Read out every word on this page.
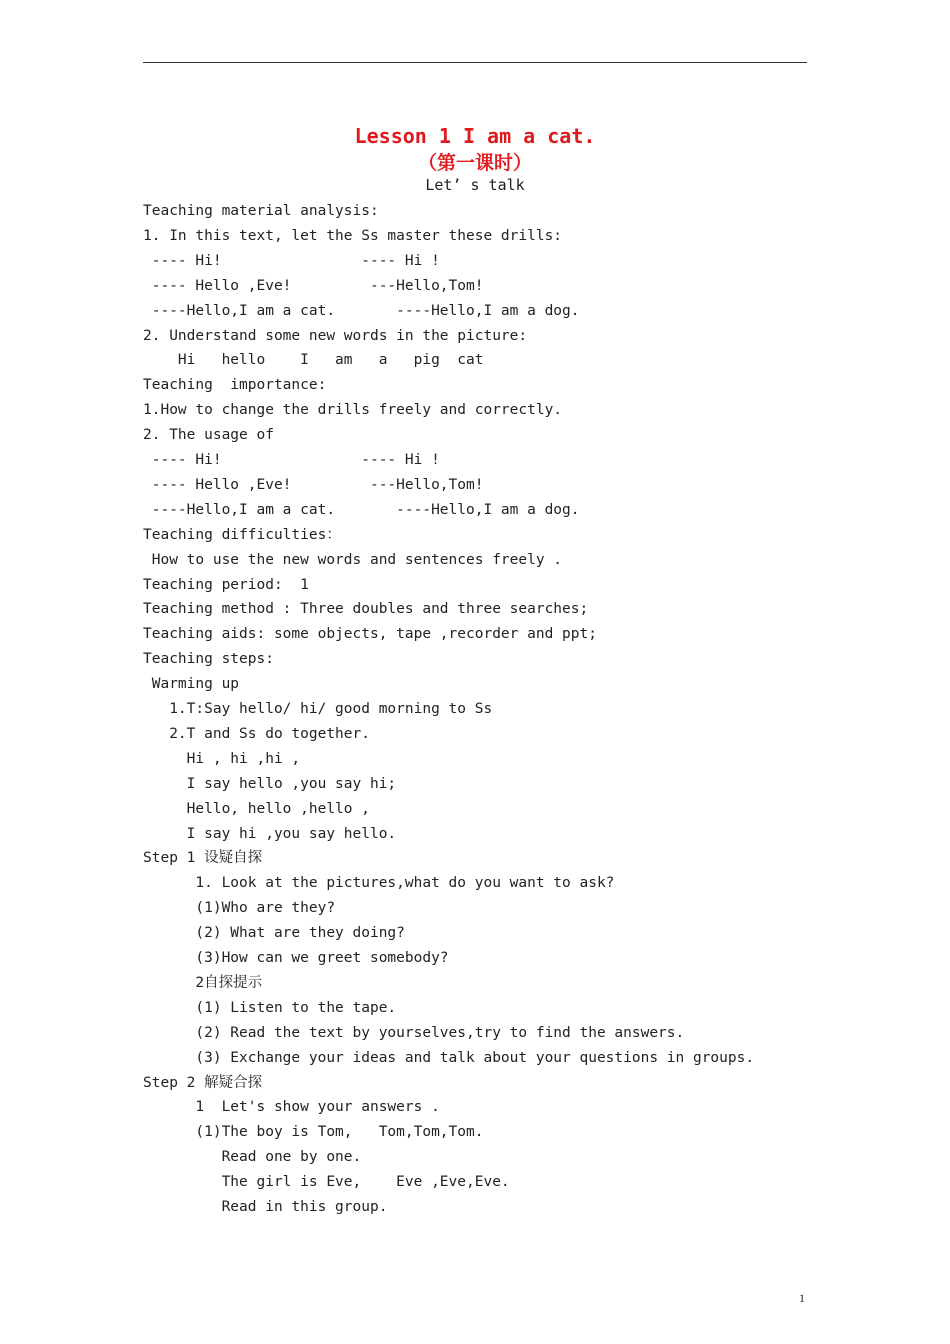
Lesson 1 I am a cat.
（第一课时）
Let’ s talk
Teaching material analysis:
1. In this text, let the Ss master these drills:
---- Hi!                ---- Hi !
---- Hello ,Eve!         ---Hello,Tom!
----Hello,I am a cat.       ----Hello,I am a dog.
2. Understand some new words in the picture:
Hi   hello    I   am   a   pig  cat
Teaching  importance:
1.How to change the drills freely and correctly.
2. The usage of
---- Hi!                ---- Hi !
---- Hello ,Eve!         ---Hello,Tom!
----Hello,I am a cat.       ----Hello,I am a dog.
Teaching difficulties：
How to use the new words and sentences freely .
Teaching period:  1
Teaching method : Three doubles and three searches;
Teaching aids: some objects, tape ,recorder and ppt;
Teaching steps:
Warming up
1.T:Say hello/ hi/ good morning to Ss
2.T and Ss do together.
Hi , hi ,hi ,
I say hello ,you say hi;
Hello, hello ,hello ,
I say hi ,you say hello.
Step 1 设疑自探
1. Look at the pictures,what do you want to ask?
(1)Who are they?
(2) What are they doing?
(3)How can we greet somebody?
2自探提示
(1) Listen to the tape.
(2) Read the text by yourselves,try to find the answers.
(3) Exchange your ideas and talk about your questions in groups.
Step 2 解疑合探
1  Let's show your answers .
(1)The boy is Tom,   Tom,Tom,Tom.
Read one by one.
The girl is Eve,    Eve ,Eve,Eve.
Read in this group.
1
